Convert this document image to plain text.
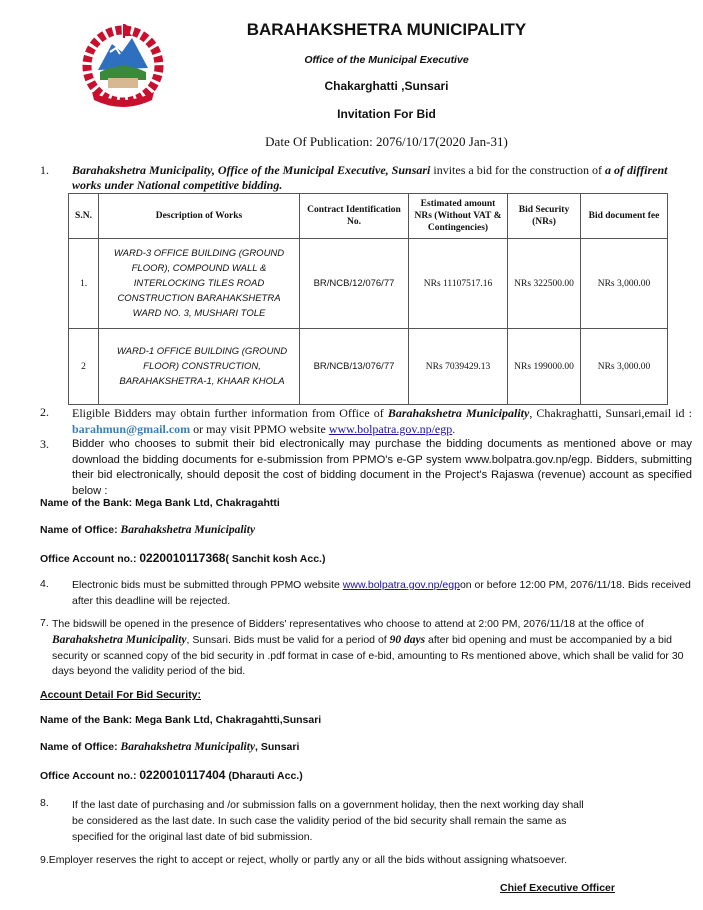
BARAHAKSHETRA MUNICIPALITY
Office of the Municipal Executive
Chakarghatti ,Sunsari
Invitation For Bid
Date Of Publication: 2076/10/17(2020 Jan-31)
1. Barahakshetra Municipality, Office of the Municipal Executive, Sunsari invites a bid for the construction of a of diffirent works under National competitive bidding.
S.N.	Description of Works	Contract Identification No.	Estimated amount NRs (Without VAT & Contingencies)	Bid Security (NRs)	Bid document fee
1.	WARD-3 OFFICE BUILDING (GROUND FLOOR), COMPOUND WALL & INTERLOCKING TILES ROAD CONSTRUCTION BARAHAKSHETRA WARD NO. 3, MUSHARI TOLE	BR/NCB/12/076/77	NRs 11107517.16	NRs 322500.00	NRs 3,000.00
2	WARD-1 OFFICE BUILDING (GROUND FLOOR) CONSTRUCTION, BARAHAKSHETRA-1, KHAAR KHOLA	BR/NCB/13/076/77	NRs 7039429.13	NRs 199000.00	NRs 3,000.00
2. Eligible Bidders may obtain further information from Office of Barahakshetra Municipality, Chakraghatti, Sunsari,email id : barahmun@gmail.com or may visit PPMO website www.bolpatra.gov.np/egp.
3. Bidder who chooses to submit their bid electronically may purchase the bidding documents as mentioned above or may download the bidding documents for e-submission from PPMO's e-GP system www.bolpatra.gov.np/egp. Bidders, submitting their bid electronically, should deposit the cost of bidding document in the Project's Rajaswa (revenue) account as specified below :
Name of the Bank: Mega Bank Ltd, Chakragahtti
Name of Office: Barahakshetra Municipality
Office Account no.: 0220010117368( Sanchit kosh Acc.)
4. Electronic bids must be submitted through PPMO website www.bolpatra.gov.np/egpon or before 12:00 PM, 2076/11/18. Bids received after this deadline will be rejected.
7. The bidswill be opened in the presence of Bidders' representatives who choose to attend at 2:00 PM, 2076/11/18 at the office of Barahakshetra Municipality, Sunsari. Bids must be valid for a period of 90 days after bid opening and must be accompanied by a bid security or scanned copy of the bid security in .pdf format in case of e-bid, amounting to Rs mentioned above, which shall be valid for 30 days beyond the validity period of the bid.
Account Detail For Bid Security:
Name of the Bank: Mega Bank Ltd, Chakragahtti,Sunsari
Name of Office: Barahakshetra Municipality, Sunsari
Office Account no.: 0220010117404 (Dharauti Acc.)
8.	If the last date of purchasing and /or submission falls on a government holiday, then the next working day shall be considered as the last date. In such case the validity period of the bid security shall remain the same as specified for the original last date of bid submission.
9.Employer reserves the right to accept or reject, wholly or partly any or all the bids without assigning whatsoever.
Chief Executive Officer
